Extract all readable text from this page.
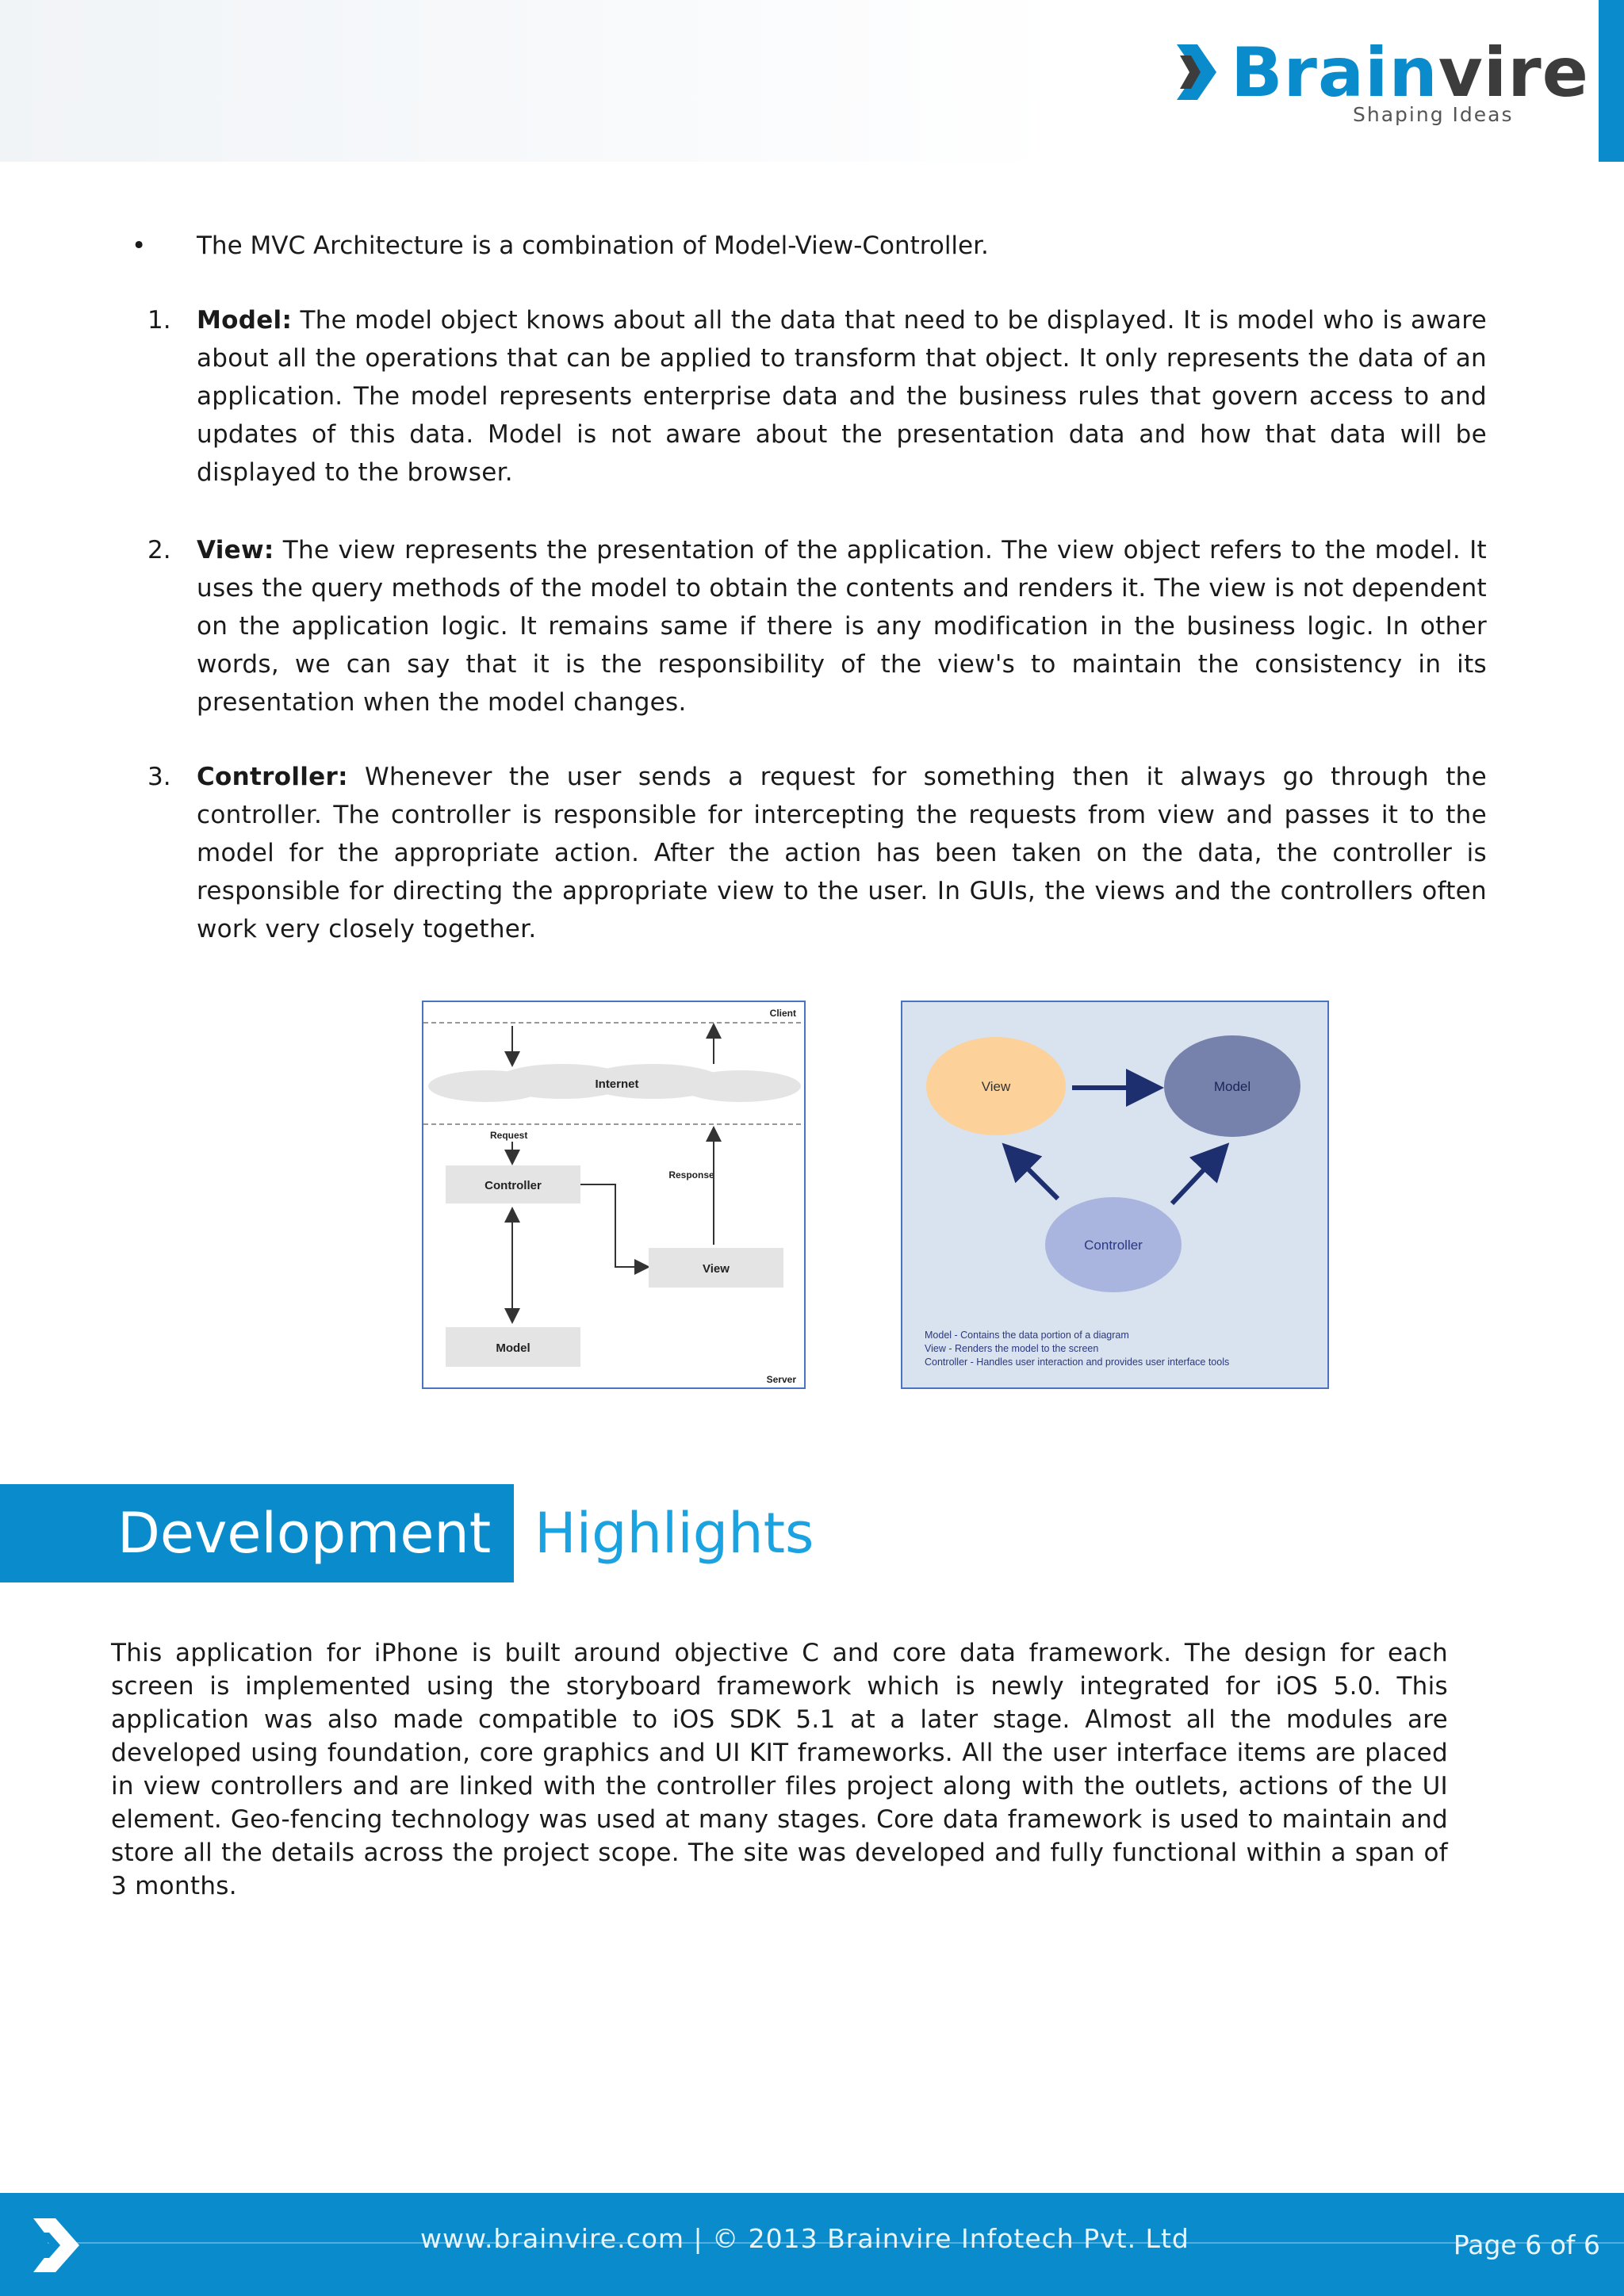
Brainvire
Shaping Ideas
• The MVC Architecture is a combination of Model-View-Controller.
1. Model: The model object knows about all the data that need to be displayed. It is model who is aware about all the operations that can be applied to transform that object. It only represents the data of an application. The model represents enterprise data and the business rules that govern access to and updates of this data. Model is not aware about the presentation data and how that data will be displayed to the browser.
2. View: The view represents the presentation of the application. The view object refers to the model. It uses the query methods of the model to obtain the contents and renders it. The view is not dependent on the application logic. It remains same if there is any modification in the business logic. In other words, we can say that it is the responsibility of the view's to maintain the consistency in its presentation when the model changes.
3. Controller: Whenever the user sends a request for something then it always go through the controller. The controller is responsible for intercepting the requests from view and passes it to the model for the appropriate action. After the action has been taken on the data, the controller is responsible for directing the appropriate view to the user. In GUIs, the views and the controllers often work very closely together.
Client
Internet
Request
Controller
Response
View
Model
Server
View	Model
Controller
Model - Contains the data portion of a diagram
View - Renders the model to the screen
Controller - Handles user interaction and provides user interface tools
Development Highlights
This application for iPhone is built around objective C and core data framework. The design for each screen is implemented using the storyboard framework which is newly integrated for iOS 5.0. This application was also made compatible to iOS SDK 5.1 at a later stage. Almost all the modules are developed using foundation, core graphics and UI KIT frameworks. All the user interface items are placed in view controllers and are linked with the controller files project along with the outlets, actions of the UI element. Geo-fencing technology was used at many stages. Core data framework is used to maintain and store all the details across the project scope. The site was developed and fully functional within a span of 3 months.
www.brainvire.com | © 2013 Brainvire Infotech Pvt. Ltd	Page 6 of 6
